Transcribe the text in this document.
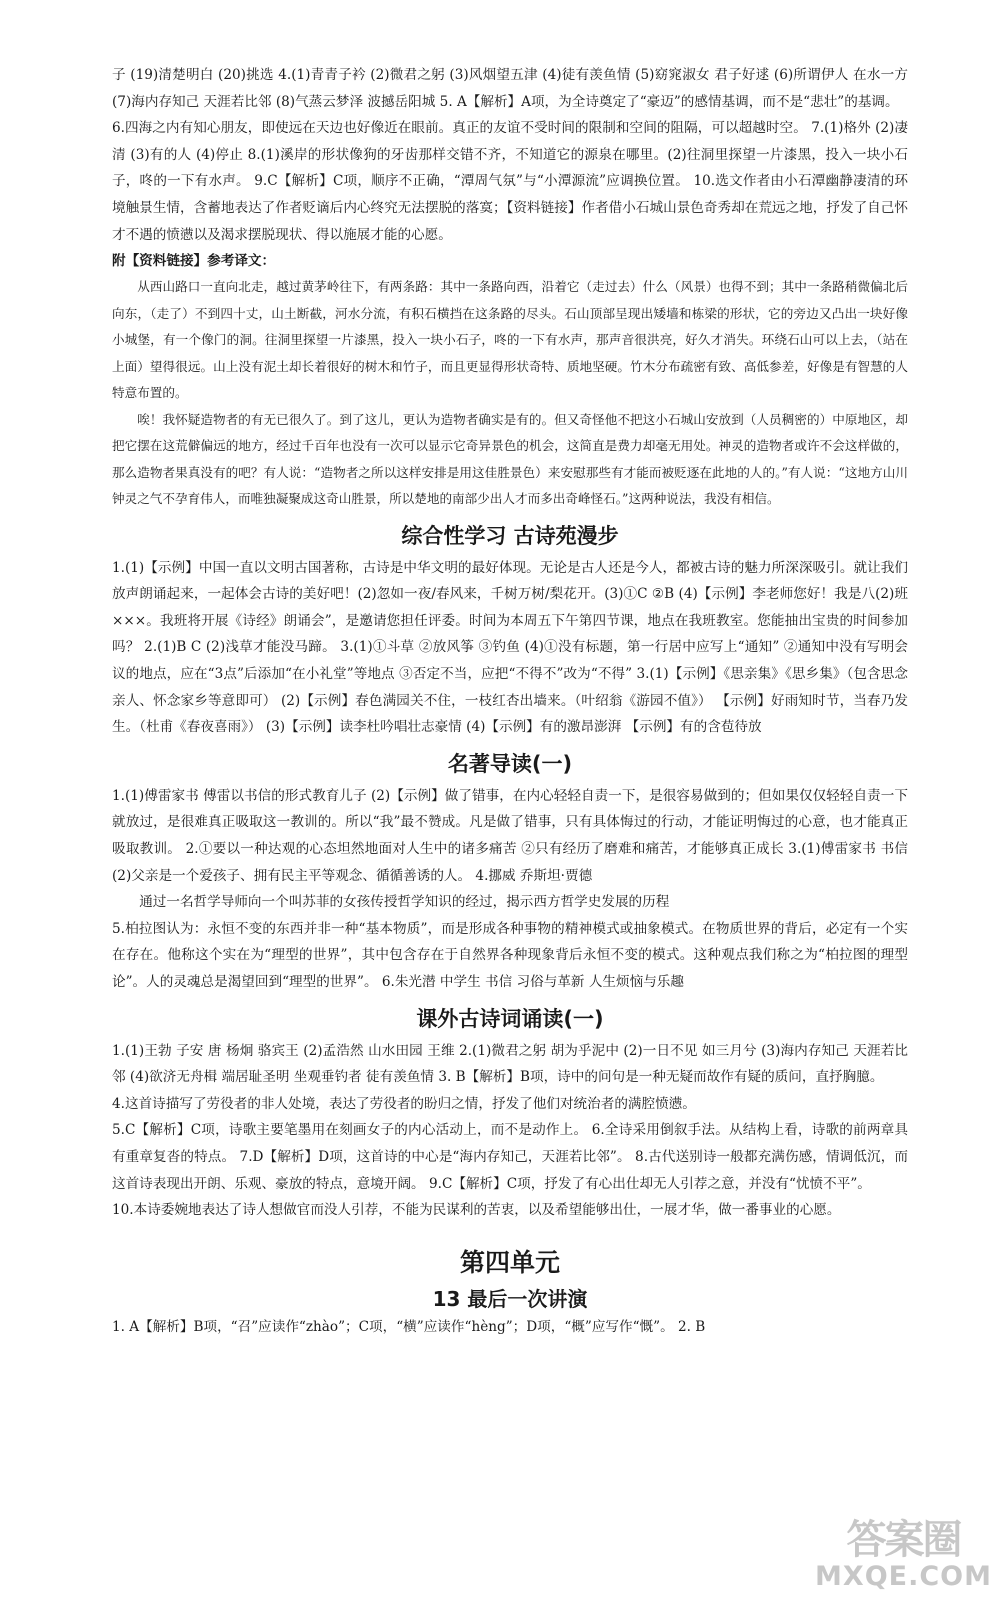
子 (19)清楚明白 (20)挑选 4.(1)青青子衿 (2)微君之躬 (3)风烟望五津 (4)徒有羡鱼情 (5)窈窕淑女 君子好逑 (6)所谓伊人 在水一方 (7)海内存知己 天涯若比邻 (8)气蒸云梦泽 波撼岳阳城 5. A【解析】A项，为全诗奠定了“豪迈”的感情基调，而不是“悲壮”的基调。

6.四海之内有知心朋友，即使远在天边也好像近在眼前。真正的友谊不受时间的限制和空间的阻隔，可以超越时空。 7.(1)格外 (2)凄清 (3)有的人 (4)停止 8.(1)溪岸的形状像狗的牙齿那样交错不齐，不知道它的源泉在哪里。(2)往洞里探望一片漆黑，投入一块小石子，咚的一下有水声。 9.C【解析】C项，顺序不正确，“潭周气氛”与“小潭源流”应调换位置。 10.选文作者由小石潭幽静凄清的环境触景生情，含蓄地表达了作者贬谪后内心终究无法摆脱的落寞；【资料链接】作者借小石城山景色奇秀却在荒远之地，抒发了自己怀才不遇的愤懑以及渴求摆脱现状、得以施展才能的心愿。

附【资料链接】参考译文：

从西山路口一直向北走，越过黄茅岭往下，有两条路：其中一条路向西，沿着它（走过去）什么（风景）也得不到；其中一条路稍微偏北后向东，（走了）不到四十丈，山土断截，河水分流，有积石横挡在这条路的尽头。石山顶部呈现出矮墙和栋梁的形状，它的旁边又凸出一块好像小城堡，有一个像门的洞。往洞里探望一片漆黑，投入一块小石子，咚的一下有水声，那声音很洪亮，好久才消失。环绕石山可以上去，（站在上面）望得很远。山上没有泥土却长着很好的树木和竹子，而且更显得形状奇特、质地坚硬。竹木分布疏密有致、高低参差，好像是有智慧的人特意布置的。

唉！我怀疑造物者的有无已很久了。到了这儿，更认为造物者确实是有的。但又奇怪他不把这小石城山安放到（人员稠密的）中原地区，却把它摆在这荒僻偏远的地方，经过千百年也没有一次可以显示它奇异景色的机会，这简直是费力却毫无用处。神灵的造物者或许不会这样做的，那么造物者果真没有的吧？有人说：“造物者之所以这样安排是用这佳胜景色）来安慰那些有才能而被贬逐在此地的人的。”有人说：“这地方山川钟灵之气不孕育伟人，而唯独凝聚成这奇山胜景，所以楚地的南部少出人才而多出奇峰怪石。”这两种说法，我没有相信。

综合性学习 古诗苑漫步

1.(1)【示例】中国一直以文明古国著称，古诗是中华文明的最好体现。无论是古人还是今人，都被古诗的魅力所深深吸引。就让我们放声朗诵起来，一起体会古诗的美好吧！(2)忽如一夜/春风来，千树万树/梨花开。(3)①C ②B (4)【示例】李老师您好！我是八(2)班×××。我班将开展《诗经》朗诵会”，是邀请您担任评委。时间为本周五下午第四节课，地点在我班教室。您能抽出宝贵的时间参加吗？ 2.(1)B C (2)浅草才能没马蹄。 3.(1)①斗草 ②放风筝 ③钓鱼 (4)①没有标题，第一行居中应写上“通知” ②通知中没有写明会议的地点，应在“3点”后添加“在小礼堂”等地点 ③否定不当，应把“不得不”改为“不得” 3.(1)【示例】《思亲集》《思乡集》（包含思念亲人、怀念家乡等意即可） (2)【示例】春色满园关不住，一枝红杏出墙来。（叶绍翁《游园不值》） 【示例】好雨知时节，当春乃发生。（杜甫《春夜喜雨》） (3)【示例】读李杜吟唱壮志豪情 (4)【示例】有的激昂澎湃 【示例】有的含苞待放

名著导读(一)

1.(1)傅雷家书 傅雷以书信的形式教育儿子 (2)【示例】做了错事，在内心轻轻自责一下，是很容易做到的；但如果仅仅轻轻自责一下就放过，是很难真正吸取这一教训的。所以“我”最不赞成。凡是做了错事，只有具体悔过的行动，才能证明悔过的心意，也才能真正吸取教训。 2.①要以一种达观的心态坦然地面对人生中的诸多痛苦 ②只有经历了磨难和痛苦，才能够真正成长 3.(1)傅雷家书 书信 (2)父亲是一个爱孩子、拥有民主平等观念、循循善诱的人。 4.挪威 乔斯坦·贾德

通过一名哲学导师向一个叫苏菲的女孩传授哲学知识的经过，揭示西方哲学史发展的历程

5.柏拉图认为：永恒不变的东西并非一种“基本物质”，而是形成各种事物的精神模式或抽象模式。在物质世界的背后，必定有一个实在存在。他称这个实在为“理型的世界”，其中包含存在于自然界各种现象背后永恒不变的模式。这种观点我们称之为“柏拉图的理型论”。人的灵魂总是渴望回到“理型的世界”。 6.朱光潜 中学生 书信 习俗与革新 人生烦恼与乐趣

课外古诗词诵读(一)

1.(1)王勃 子安 唐 杨炯 骆宾王 (2)孟浩然 山水田园 王维 2.(1)微君之躬 胡为乎泥中 (2)一日不见 如三月兮 (3)海内存知己 天涯若比邻 (4)欲济无舟楫 端居耻圣明 坐观垂钓者 徒有羡鱼情 3. B【解析】B项，诗中的问句是一种无疑而故作有疑的质问，直抒胸臆。

4.这首诗描写了劳役者的非人处境，表达了劳役者的盼归之情，抒发了他们对统治者的满腔愤懑。

5.C【解析】C项，诗歌主要笔墨用在刻画女子的内心活动上，而不是动作上。 6.全诗采用倒叙手法。从结构上看，诗歌的前两章具有重章复沓的特点。 7.D【解析】D项，这首诗的中心是“海内存知己，天涯若比邻”。 8.古代送别诗一般都充满伤感，情调低沉，而这首诗表现出开朗、乐观、豪放的特点，意境开阔。 9.C【解析】C项，抒发了有心出仕却无人引荐之意，并没有“忧愤不平”。

10.本诗委婉地表达了诗人想做官而没人引荐，不能为民谋利的苦衷，以及希望能够出仕，一展才华，做一番事业的心愿。

第四单元
13 最后一次讲演

1. A【解析】B项，“召”应读作“zhào”；C项，“横”应读作“hèng”；D项，“概”应写作“慨”。 2. B

答案圈
MXQE.COM
